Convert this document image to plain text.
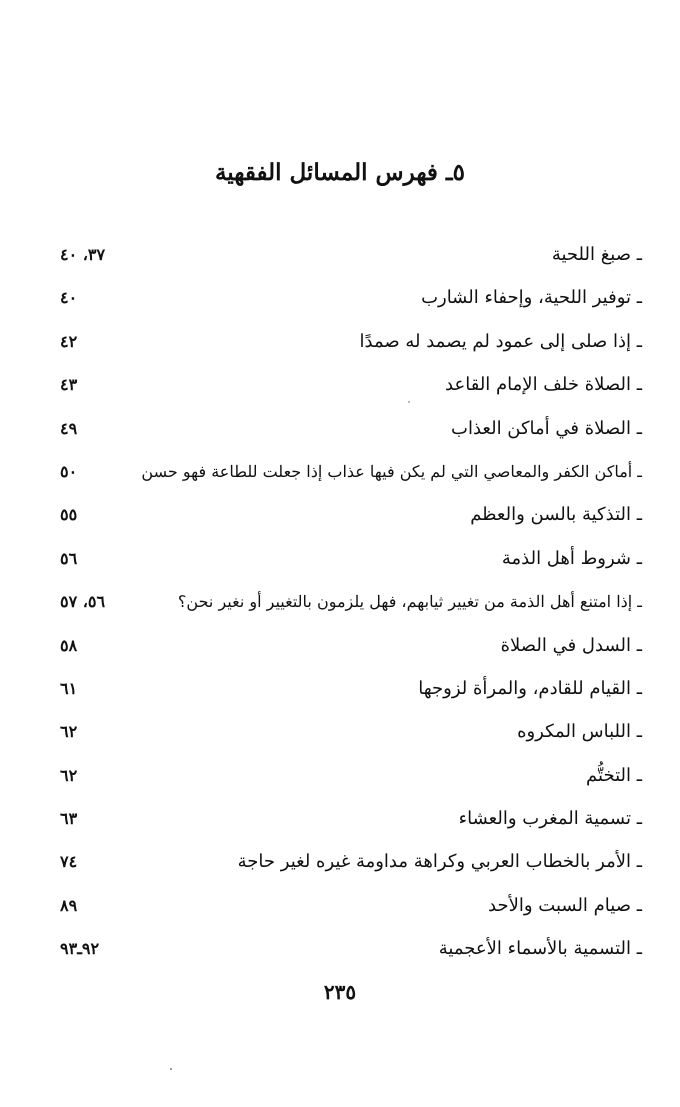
٥ـ فهرس المسائل الفقهية
ـ صبغ اللحية
٣٧، ٤٠
ـ توفير اللحية، وإحفاء الشارب
٤٠
ـ إذا صلى إلى عمود لم يصمد له صمدًا
٤٢
ـ الصلاة خلف الإمام القاعد
٤٣
ـ الصلاة في أماكن العذاب
٤٩
ـ أماكن الكفر والمعاصي التي لم يكن فيها عذاب إذا جعلت للطاعة فهو حسن
٥٠
ـ التذكية بالسن والعظم
٥٥
ـ شروط أهل الذمة
٥٦
ـ إذا امتنع أهل الذمة من تغيير ثيابهم، فهل يلزمون بالتغيير أو نغير نحن؟
٥٦، ٥٧
ـ السدل في الصلاة
٥٨
ـ القيام للقادم، والمرأة لزوجها
٦١
ـ اللباس المكروه
٦٢
ـ التختُّم
٦٢
ـ تسمية المغرب والعشاء
٦٣
ـ الأمر بالخطاب العربي وكراهة مداومة غيره لغير حاجة
٧٤
ـ صيام السبت والأحد
٨٩
ـ التسمية بالأسماء الأعجمية
٩٢ـ٩٣
٢٣٥
